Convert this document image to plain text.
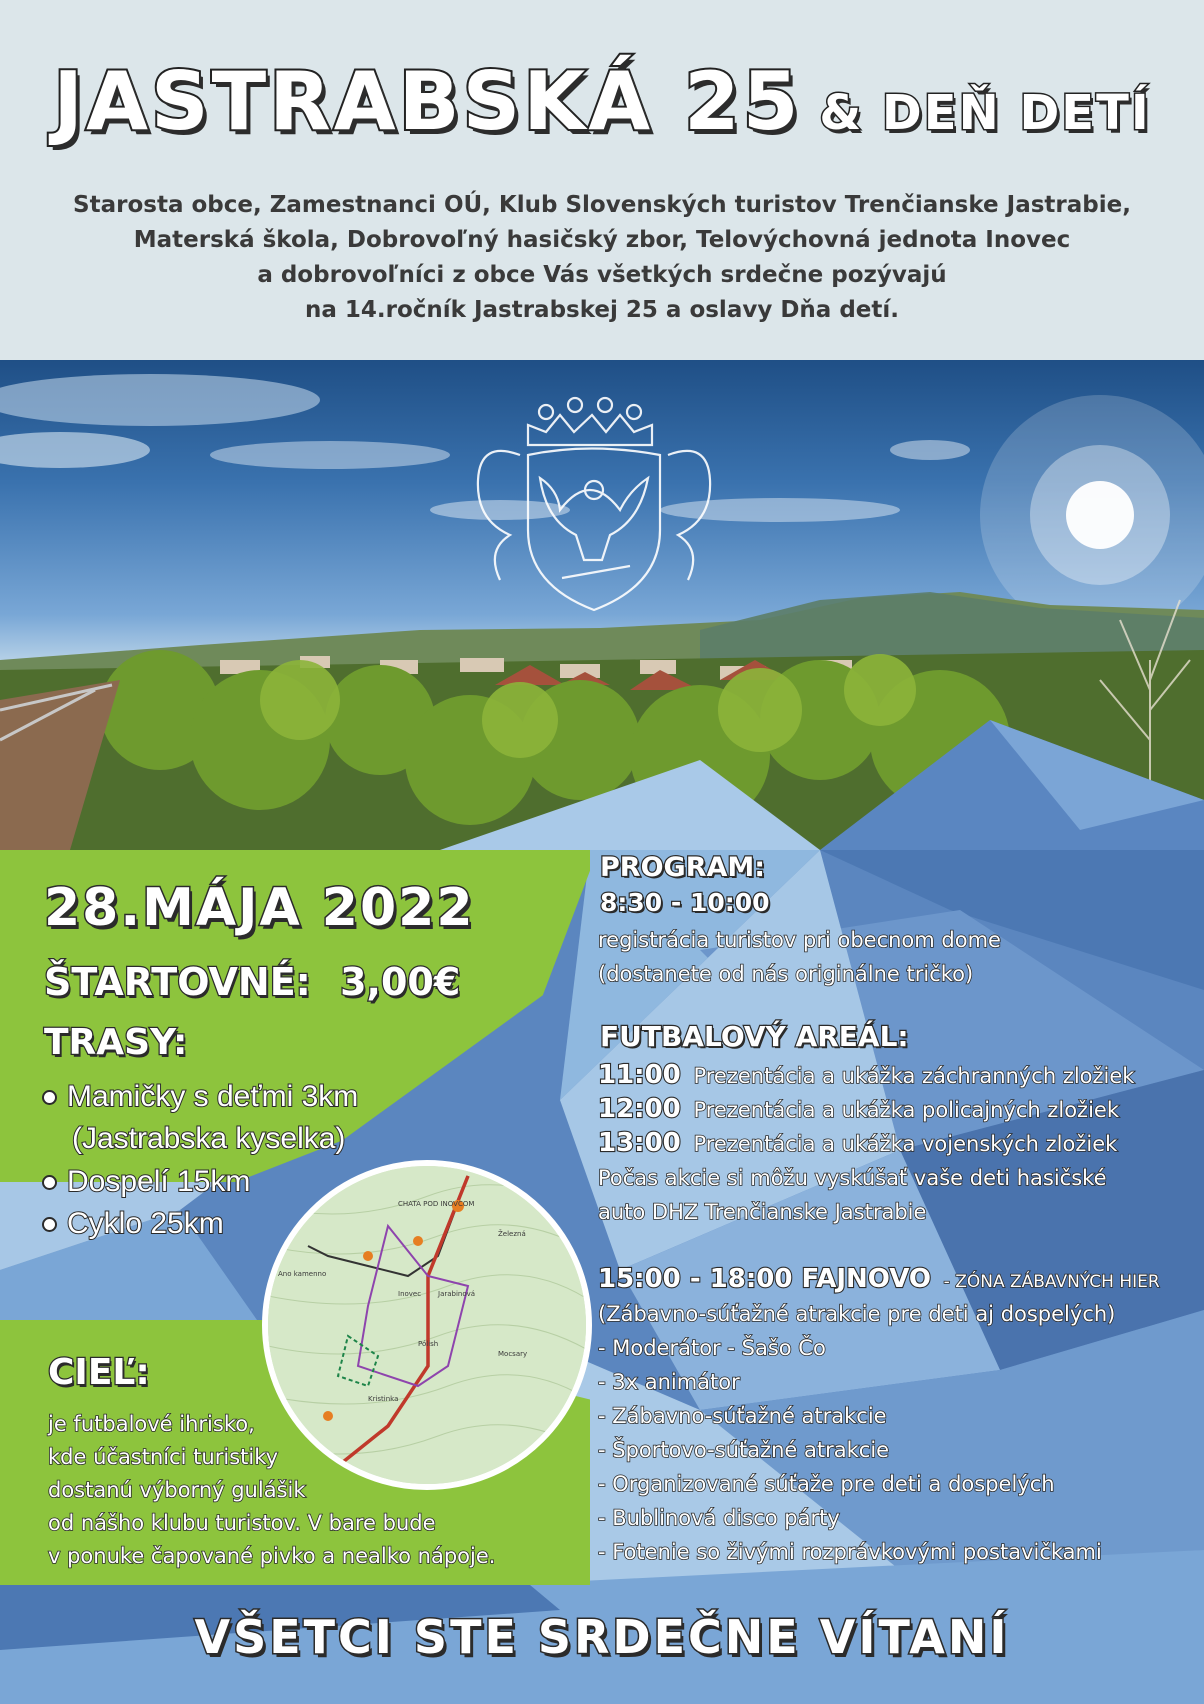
JASTRABSKÁ 25 & DEŇ DETÍ
Starosta obce, Zamestnanci OÚ, Klub Slovenských turistov Trenčianske Jastrabie,
Materská škola, Dobrovoľný hasičský zbor, Telovýchovná jednota Inovec
a dobrovoľníci z obce Vás všetkých srdečne pozývajú
na 14.ročník Jastrabskej 25 a oslavy Dňa detí.
28.MÁJA 2022
ŠTARTOVNÉ: 3,00€
TRASY:
Mamičky s deťmi 3km
(Jastrabska kyselka)
Dospelí 15km
Cyklo 25km
CHATA POD INOVCOM
Železná
Inovec Jarabinová
Pólish
Mocsary
Kristinka
Ano kamenno
CIEĽ:
je futbalové ihrisko,
kde účastníci turistiky
dostanú výborný gulášik
od nášho klubu turistov. V bare bude
v ponuke čapované pivko a nealko nápoje.
PROGRAM:
8:30 - 10:00
registrácia turistov pri obecnom dome
(dostanete od nás originálne tričko)
FUTBALOVÝ AREÁL:
11:00 Prezentácia a ukážka záchranných zložiek
12:00 Prezentácia a ukážka policajných zložiek
13:00 Prezentácia a ukážka vojenských zložiek
Počas akcie si môžu vyskúšať vaše deti hasičské
auto DHZ Trenčianske Jastrabie
15:00 - 18:00 FAJNOVO - ZÓNA ZÁBAVNÝCH HIER
(Zábavno-súťažné atrakcie pre deti aj dospelých)
- Moderátor - Šašo Čo
- 3x animátor
- Zábavno-súťažné atrakcie
- Športovo-súťažné atrakcie
- Organizované súťaže pre deti a dospelých
- Bublinová disco párty
- Fotenie so živými rozprávkovými postavičkami
VŠETCI STE SRDEČNE VÍTANÍ
